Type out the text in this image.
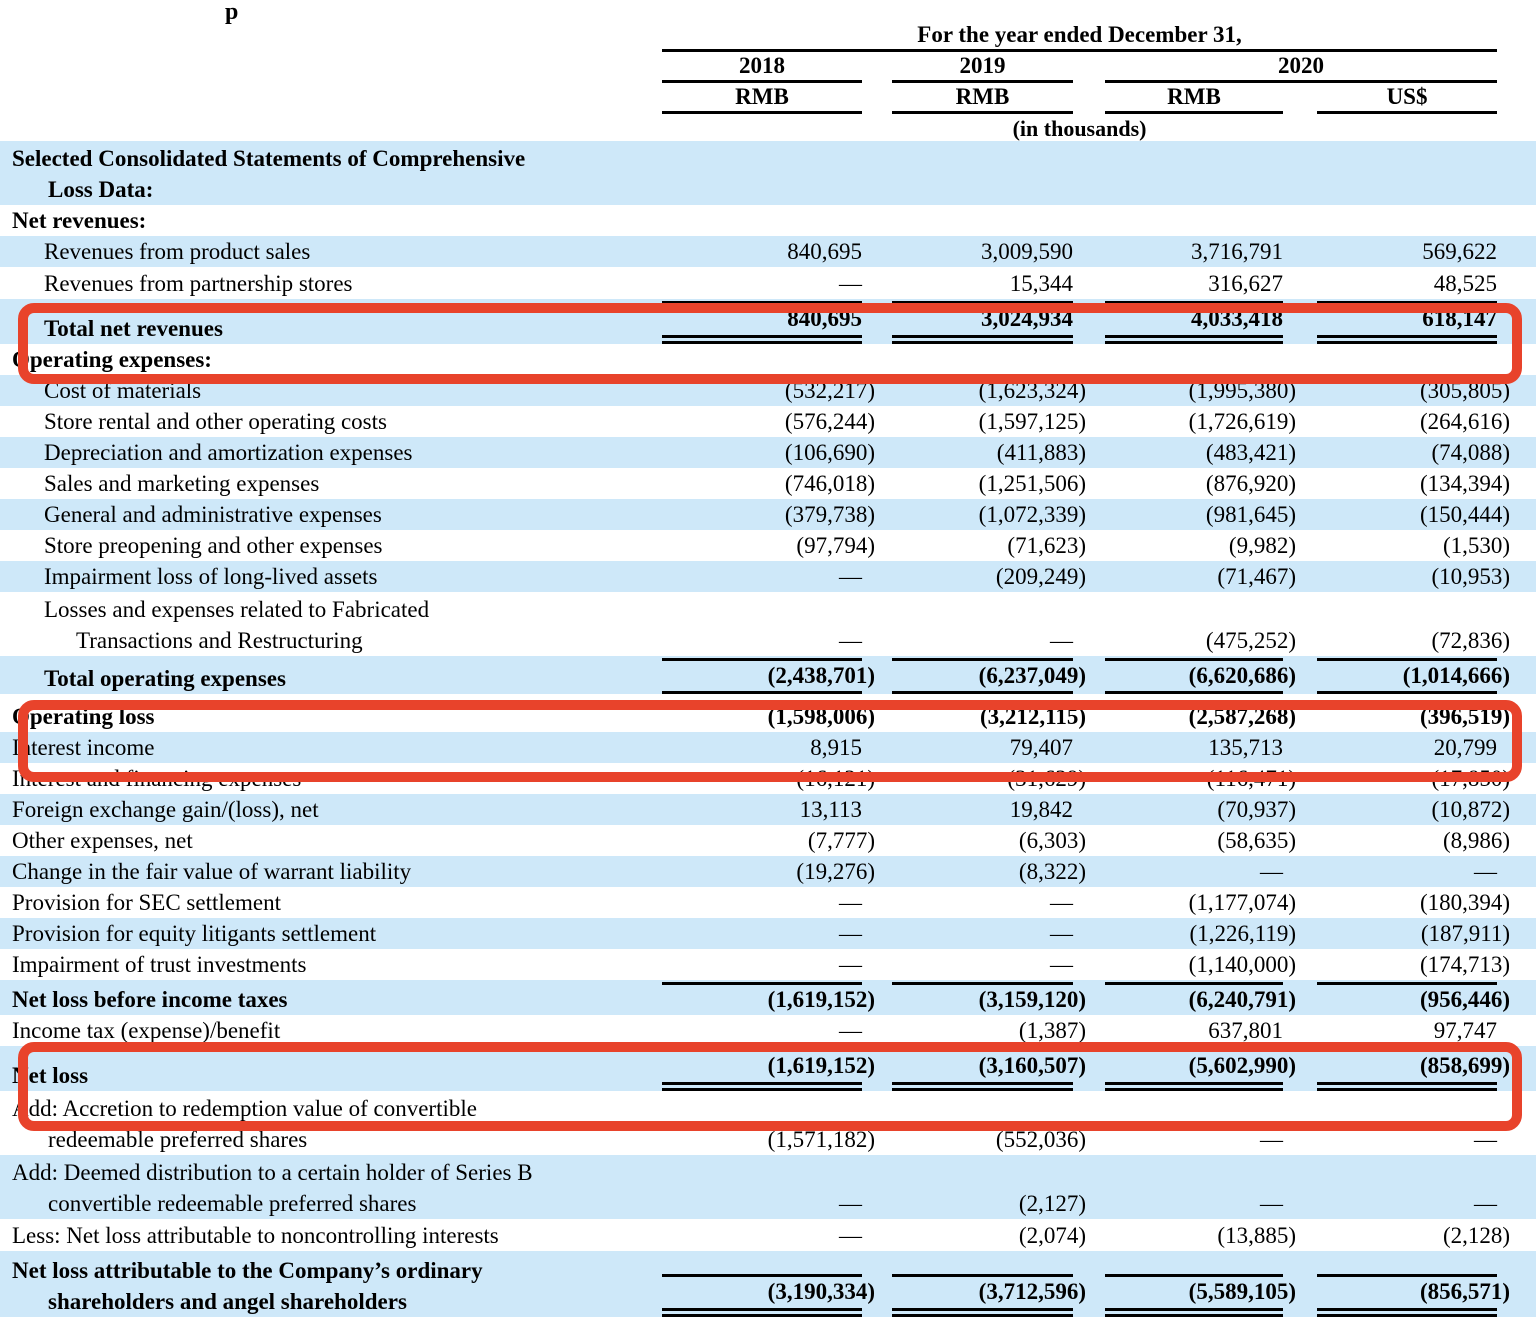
p

	For the year ended December 31,				

	2018	2019	2020		

	RMB	RMB	RMB	US$	

	(in thousands)				

Selected Consolidated Statements of Comprehensive
Loss Data:					

Net revenues:					

Revenues from product sales	840,695	3,009,590	3,716,791	569,622	

Revenues from partnership stores	—	15,344	316,627	48,525	

Total net revenues	840,695	3,024,934	4,033,418	618,147	

Operating expenses:					

Cost of materials	(532,217)	(1,623,324)	(1,995,380)	(305,805)	

Store rental and other operating costs	(576,244)	(1,597,125)	(1,726,619)	(264,616)	

Depreciation and amortization expenses	(106,690)	(411,883)	(483,421)	(74,088)	

Sales and marketing expenses	(746,018)	(1,251,506)	(876,920)	(134,394)	

General and administrative expenses	(379,738)	(1,072,339)	(981,645)	(150,444)	

Store preopening and other expenses	(97,794)	(71,623)	(9,982)	(1,530)	

Impairment loss of long-lived assets	—	(209,249)	(71,467)	(10,953)	

Losses and expenses related to Fabricated
Transactions and Restructuring	—	—	(475,252)	(72,836)	

Total operating expenses	(2,438,701)	(6,237,049)	(6,620,686)	(1,014,666)	

Operating loss	(1,598,006)	(3,212,115)	(2,587,268)	(396,519)	

Interest income	8,915	79,407	135,713	20,799	

Interest and financing expenses	(16,121)	(31,629)	(116,471)	(17,850)	

Foreign exchange gain/(loss), net	13,113	19,842	(70,937)	(10,872)	

Other expenses, net	(7,777)	(6,303)	(58,635)	(8,986)	

Change in the fair value of warrant liability	(19,276)	(8,322)	—	—	

Provision for SEC settlement	—	—	(1,177,074)	(180,394)	

Provision for equity litigants settlement	—	—	(1,226,119)	(187,911)	

Impairment of trust investments	—	—	(1,140,000)	(174,713)	

Net loss before income taxes	(1,619,152)	(3,159,120)	(6,240,791)	(956,446)	

Income tax (expense)/benefit	—	(1,387)	637,801	97,747	

Net loss	(1,619,152)	(3,160,507)	(5,602,990)	(858,699)	

Add: Accretion to redemption value of convertible
redeemable preferred shares	(1,571,182)	(552,036)	—	—	

Add: Deemed distribution to a certain holder of Series B
convertible redeemable preferred shares	—	(2,127)	—	—	

Less: Net loss attributable to noncontrolling interests	—	(2,074)	(13,885)	(2,128)	

Net loss attributable to the Company’s ordinary
shareholders and angel shareholders	(3,190,334)	(3,712,596)	(5,589,105)	(856,571)	
